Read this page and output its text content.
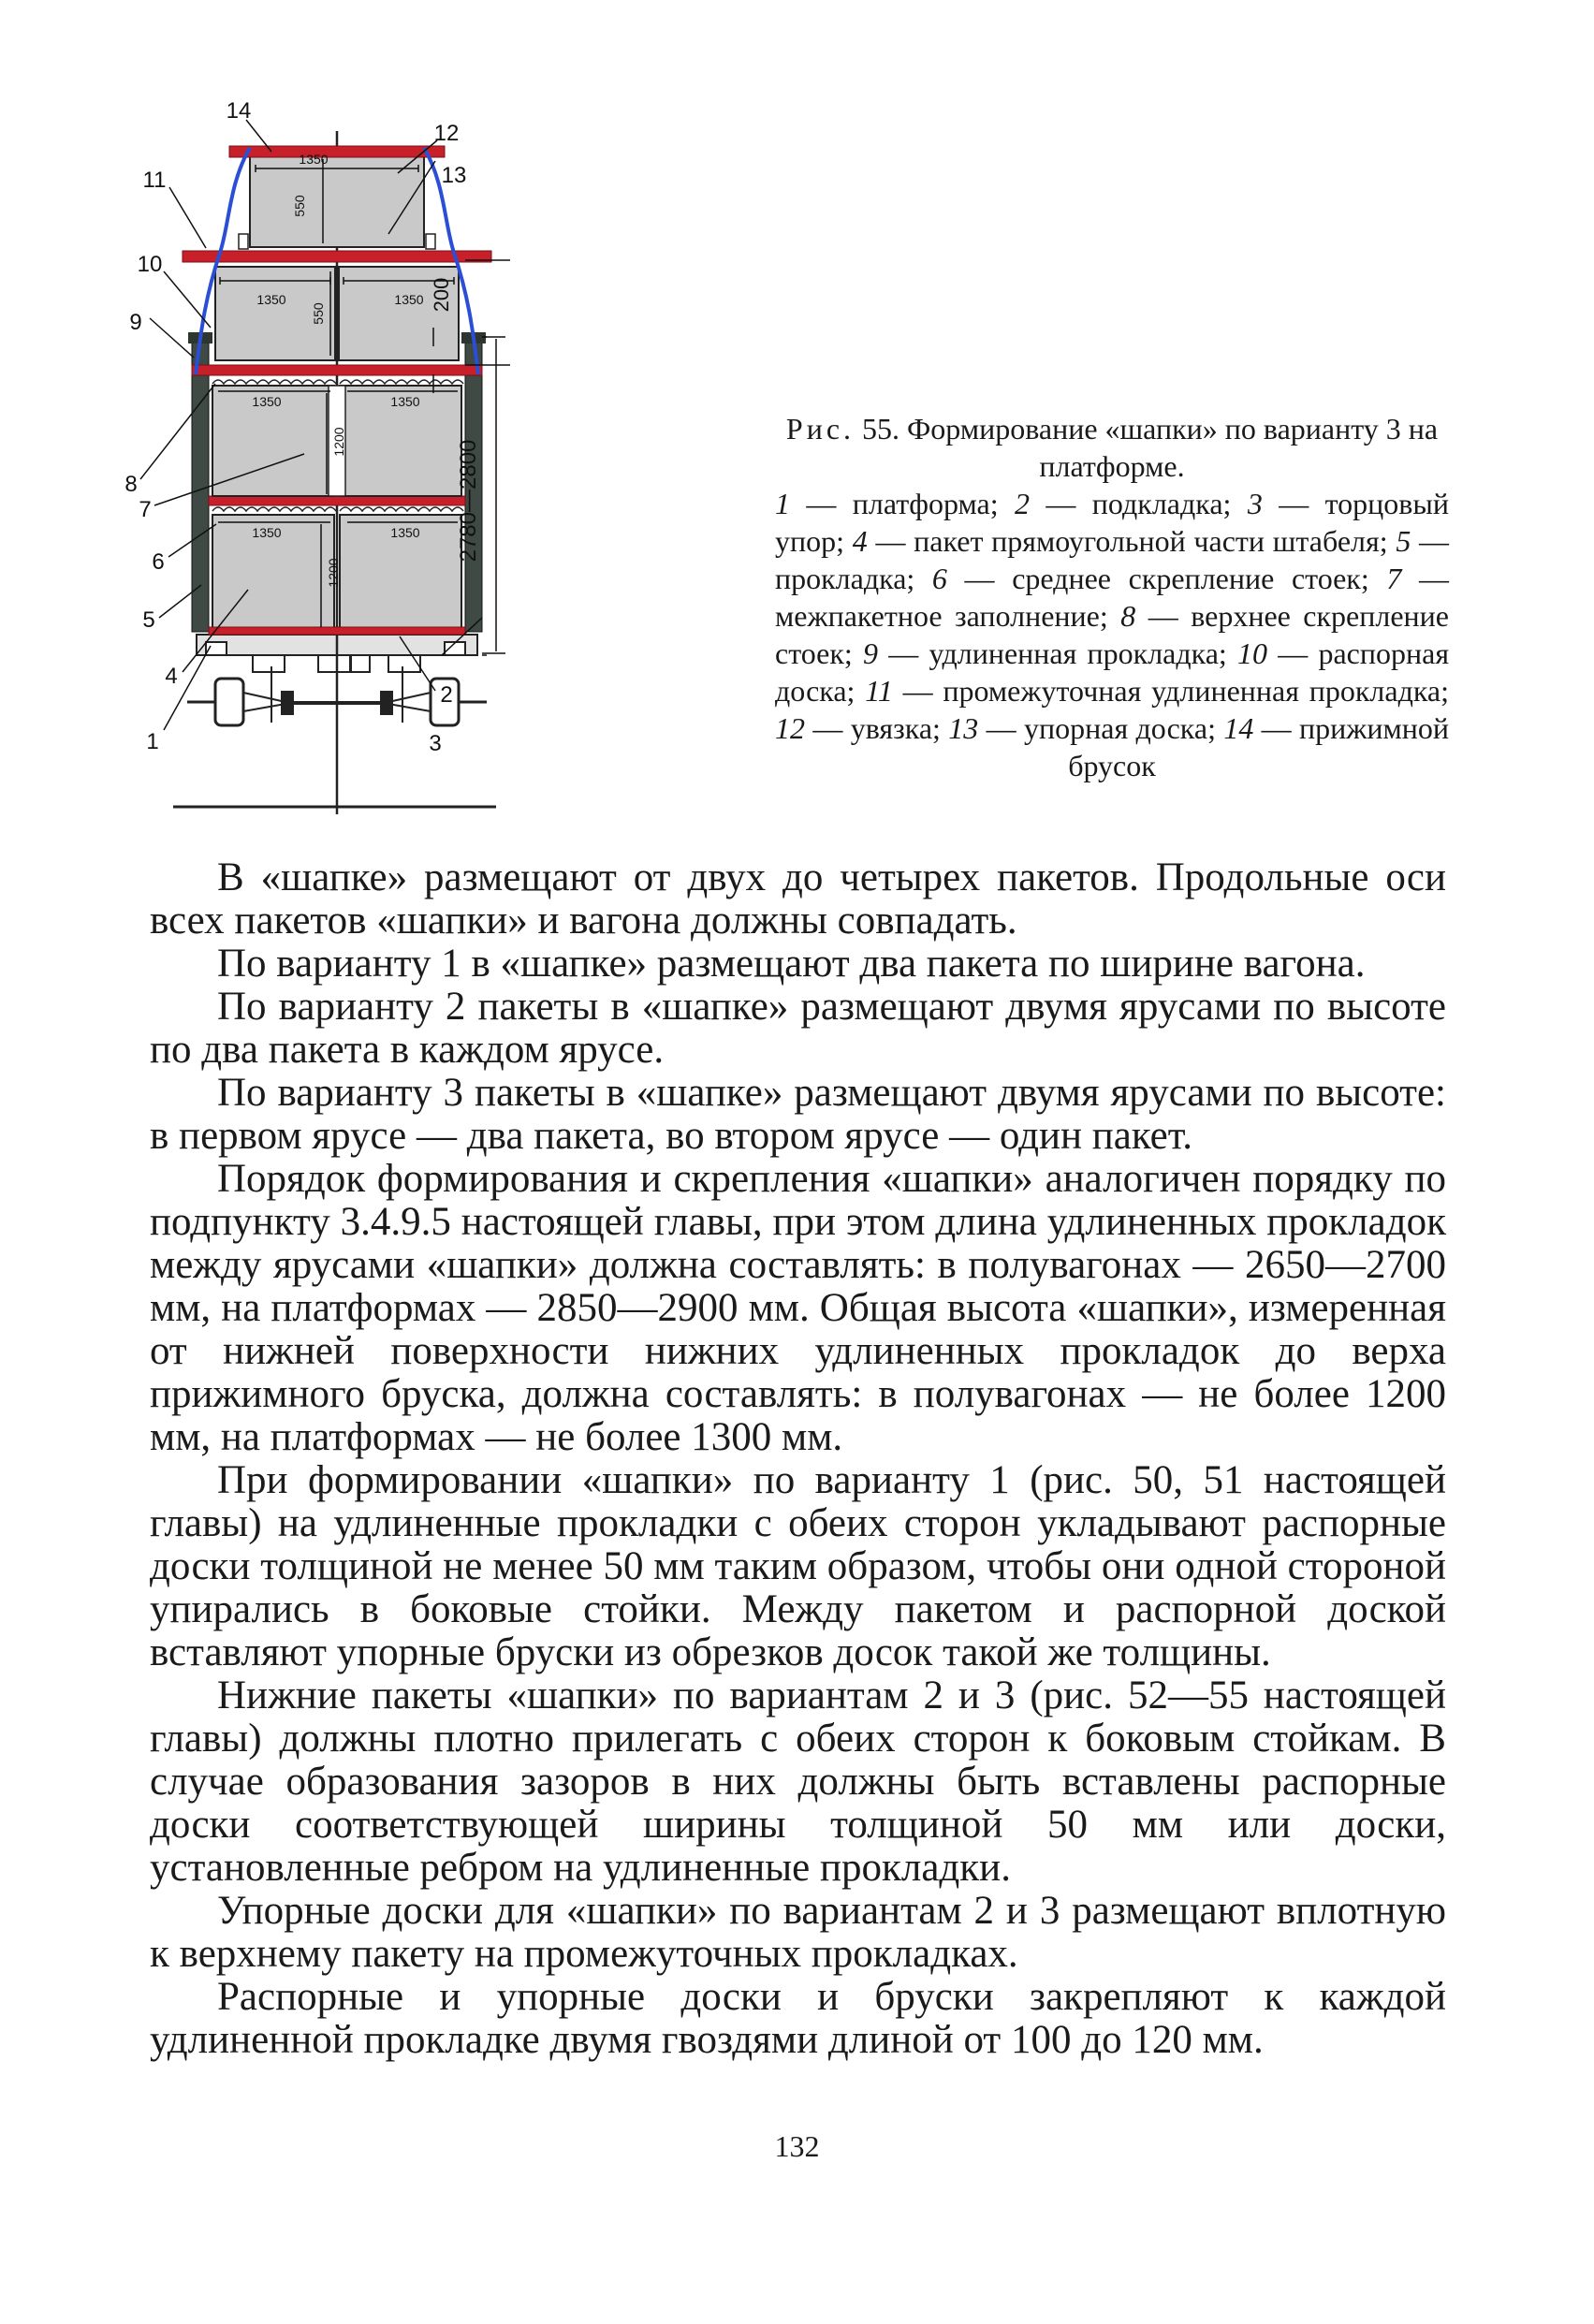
1350
550
1350	1350
550
1350	1350
1200
1350	1350
1200
200
2780—2800
14
12
13
11
10
9
8
7
6
5
4
1	3
2
Рис. 55. Формирование «шапки» по варианту 3 на платформе.
1 — платформа; 2 — подкладка; 3 — торцовый упор; 4 — пакет прямоугольной части штабеля; 5 — прокладка; 6 — среднее скрепление стоек; 7 — межпакетное заполнение; 8 — верхнее скрепление стоек; 9 — удлиненная прокладка; 10 — распорная доска; 11 — промежуточная удлиненная прокладка; 12 — увязка; 13 — упорная доска; 14 — прижимной брусок

В «шапке» размещают от двух до четырех пакетов. Продольные оси всех пакетов «шапки» и вагона должны совпадать.

По варианту 1 в «шапке» размещают два пакета по ширине вагона.

По варианту 2 пакеты в «шапке» размещают двумя ярусами по высоте по два пакета в каждом ярусе.

По варианту 3 пакеты в «шапке» размещают двумя ярусами по высоте: в первом ярусе — два пакета, во втором ярусе — один пакет.

Порядок формирования и скрепления «шапки» аналогичен порядку по подпункту 3.4.9.5 настоящей главы, при этом длина удлиненных прокладок между ярусами «шапки» должна составлять: в полувагонах — 2650—2700 мм, на платформах — 2850—2900 мм. Общая высота «шапки», измеренная от нижней поверхности нижних удлиненных прокладок до верха прижимного бруска, должна составлять: в полувагонах — не более 1200 мм, на платформах — не более 1300 мм.

При формировании «шапки» по варианту 1 (рис. 50, 51 настоящей главы) на удлиненные прокладки с обеих сторон укладывают распорные доски толщиной не менее 50 мм таким образом, чтобы они одной стороной упирались в боковые стойки. Между пакетом и распорной доской вставляют упорные бруски из обрезков досок такой же толщины.

Нижние пакеты «шапки» по вариантам 2 и 3 (рис. 52—55 настоящей главы) должны плотно прилегать с обеих сторон к боковым стойкам. В случае образования зазоров в них должны быть вставлены распорные доски соответствующей ширины толщиной 50 мм или доски, установленные ребром на удлиненные прокладки.

Упорные доски для «шапки» по вариантам 2 и 3 размещают вплотную к верхнему пакету на промежуточных прокладках.

Распорные и упорные доски и бруски закрепляют к каждой удлиненной прокладке двумя гвоздями длиной от 100 до 120 мм.

132
